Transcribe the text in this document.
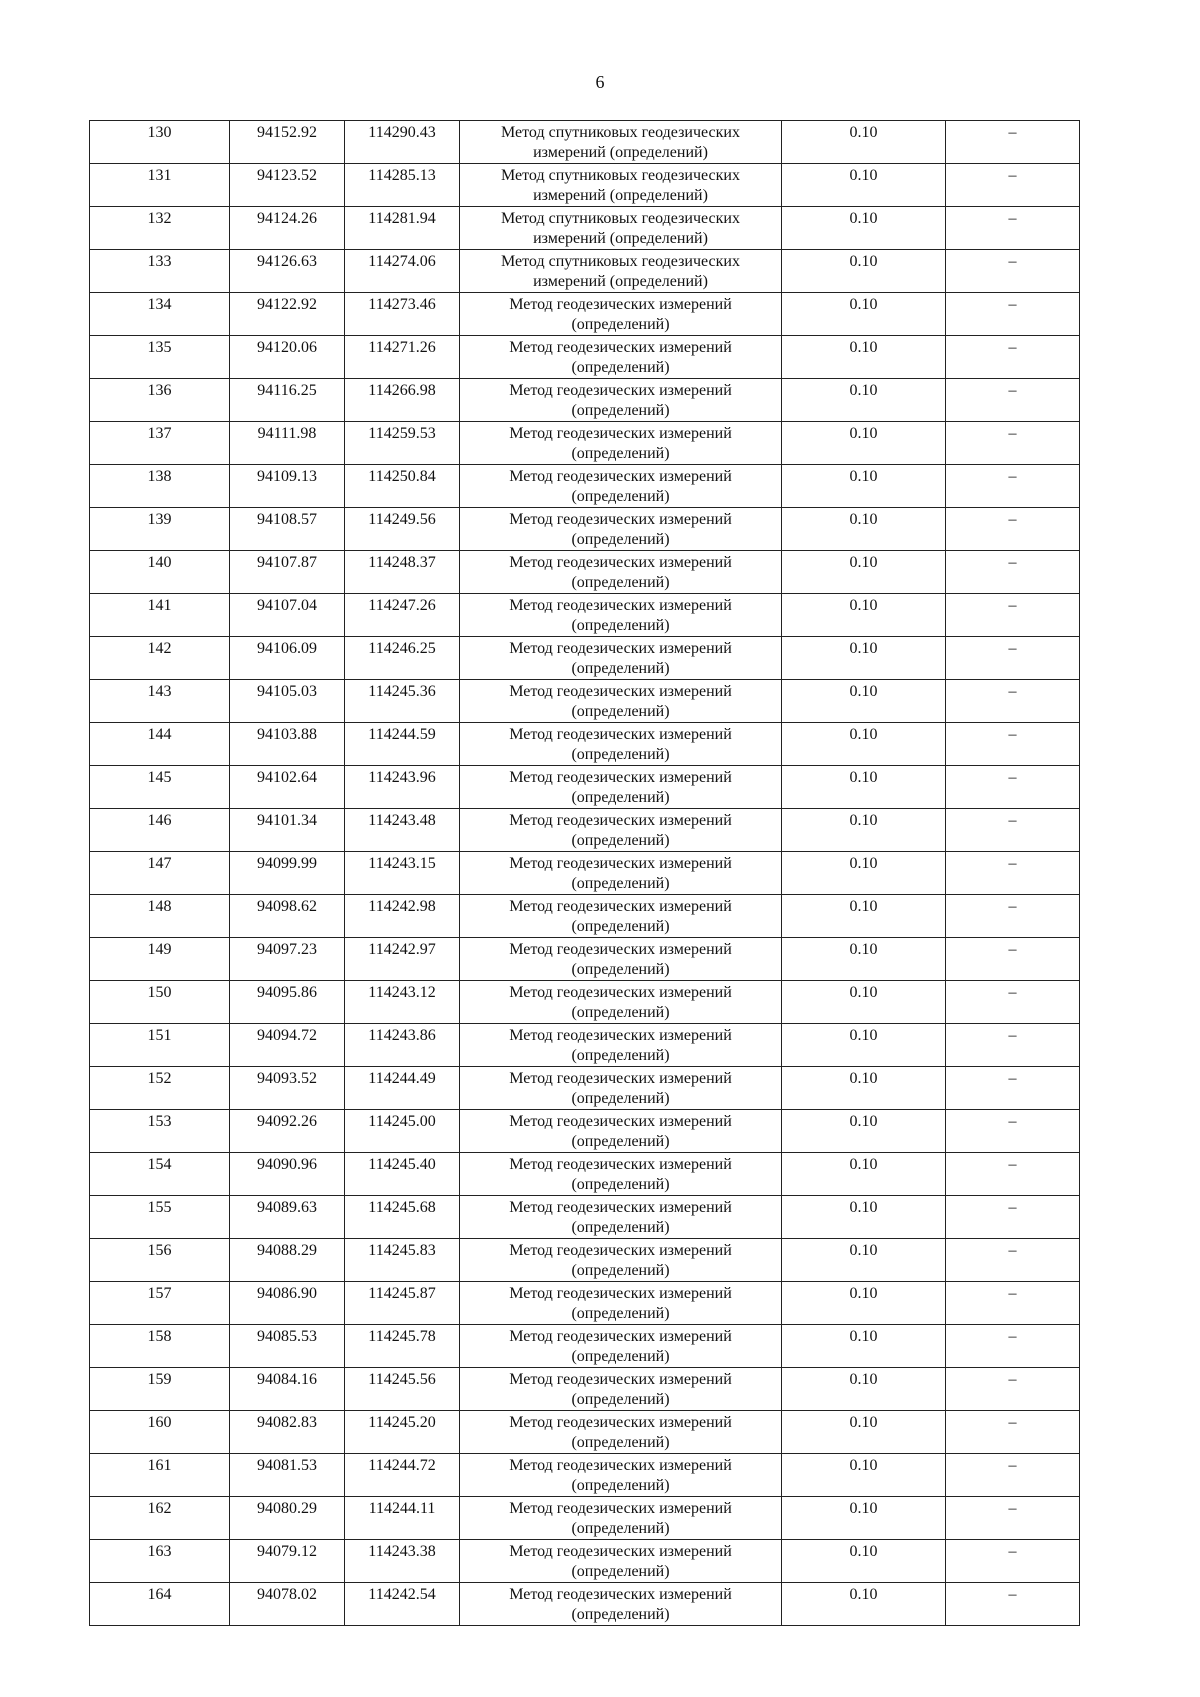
6
130	94152.92	114290.43	Метод спутниковых геодезических измерений (определений)	0.10	–
131	94123.52	114285.13	Метод спутниковых геодезических измерений (определений)	0.10	–
132	94124.26	114281.94	Метод спутниковых геодезических измерений (определений)	0.10	–
133	94126.63	114274.06	Метод спутниковых геодезических измерений (определений)	0.10	–
134	94122.92	114273.46	Метод геодезических измерений (определений)	0.10	–
135	94120.06	114271.26	Метод геодезических измерений (определений)	0.10	–
136	94116.25	114266.98	Метод геодезических измерений (определений)	0.10	–
137	94111.98	114259.53	Метод геодезических измерений (определений)	0.10	–
138	94109.13	114250.84	Метод геодезических измерений (определений)	0.10	–
139	94108.57	114249.56	Метод геодезических измерений (определений)	0.10	–
140	94107.87	114248.37	Метод геодезических измерений (определений)	0.10	–
141	94107.04	114247.26	Метод геодезических измерений (определений)	0.10	–
142	94106.09	114246.25	Метод геодезических измерений (определений)	0.10	–
143	94105.03	114245.36	Метод геодезических измерений (определений)	0.10	–
144	94103.88	114244.59	Метод геодезических измерений (определений)	0.10	–
145	94102.64	114243.96	Метод геодезических измерений (определений)	0.10	–
146	94101.34	114243.48	Метод геодезических измерений (определений)	0.10	–
147	94099.99	114243.15	Метод геодезических измерений (определений)	0.10	–
148	94098.62	114242.98	Метод геодезических измерений (определений)	0.10	–
149	94097.23	114242.97	Метод геодезических измерений (определений)	0.10	–
150	94095.86	114243.12	Метод геодезических измерений (определений)	0.10	–
151	94094.72	114243.86	Метод геодезических измерений (определений)	0.10	–
152	94093.52	114244.49	Метод геодезических измерений (определений)	0.10	–
153	94092.26	114245.00	Метод геодезических измерений (определений)	0.10	–
154	94090.96	114245.40	Метод геодезических измерений (определений)	0.10	–
155	94089.63	114245.68	Метод геодезических измерений (определений)	0.10	–
156	94088.29	114245.83	Метод геодезических измерений (определений)	0.10	–
157	94086.90	114245.87	Метод геодезических измерений (определений)	0.10	–
158	94085.53	114245.78	Метод геодезических измерений (определений)	0.10	–
159	94084.16	114245.56	Метод геодезических измерений (определений)	0.10	–
160	94082.83	114245.20	Метод геодезических измерений (определений)	0.10	–
161	94081.53	114244.72	Метод геодезических измерений (определений)	0.10	–
162	94080.29	114244.11	Метод геодезических измерений (определений)	0.10	–
163	94079.12	114243.38	Метод геодезических измерений (определений)	0.10	–
164	94078.02	114242.54	Метод геодезических измерений (определений)	0.10	–
